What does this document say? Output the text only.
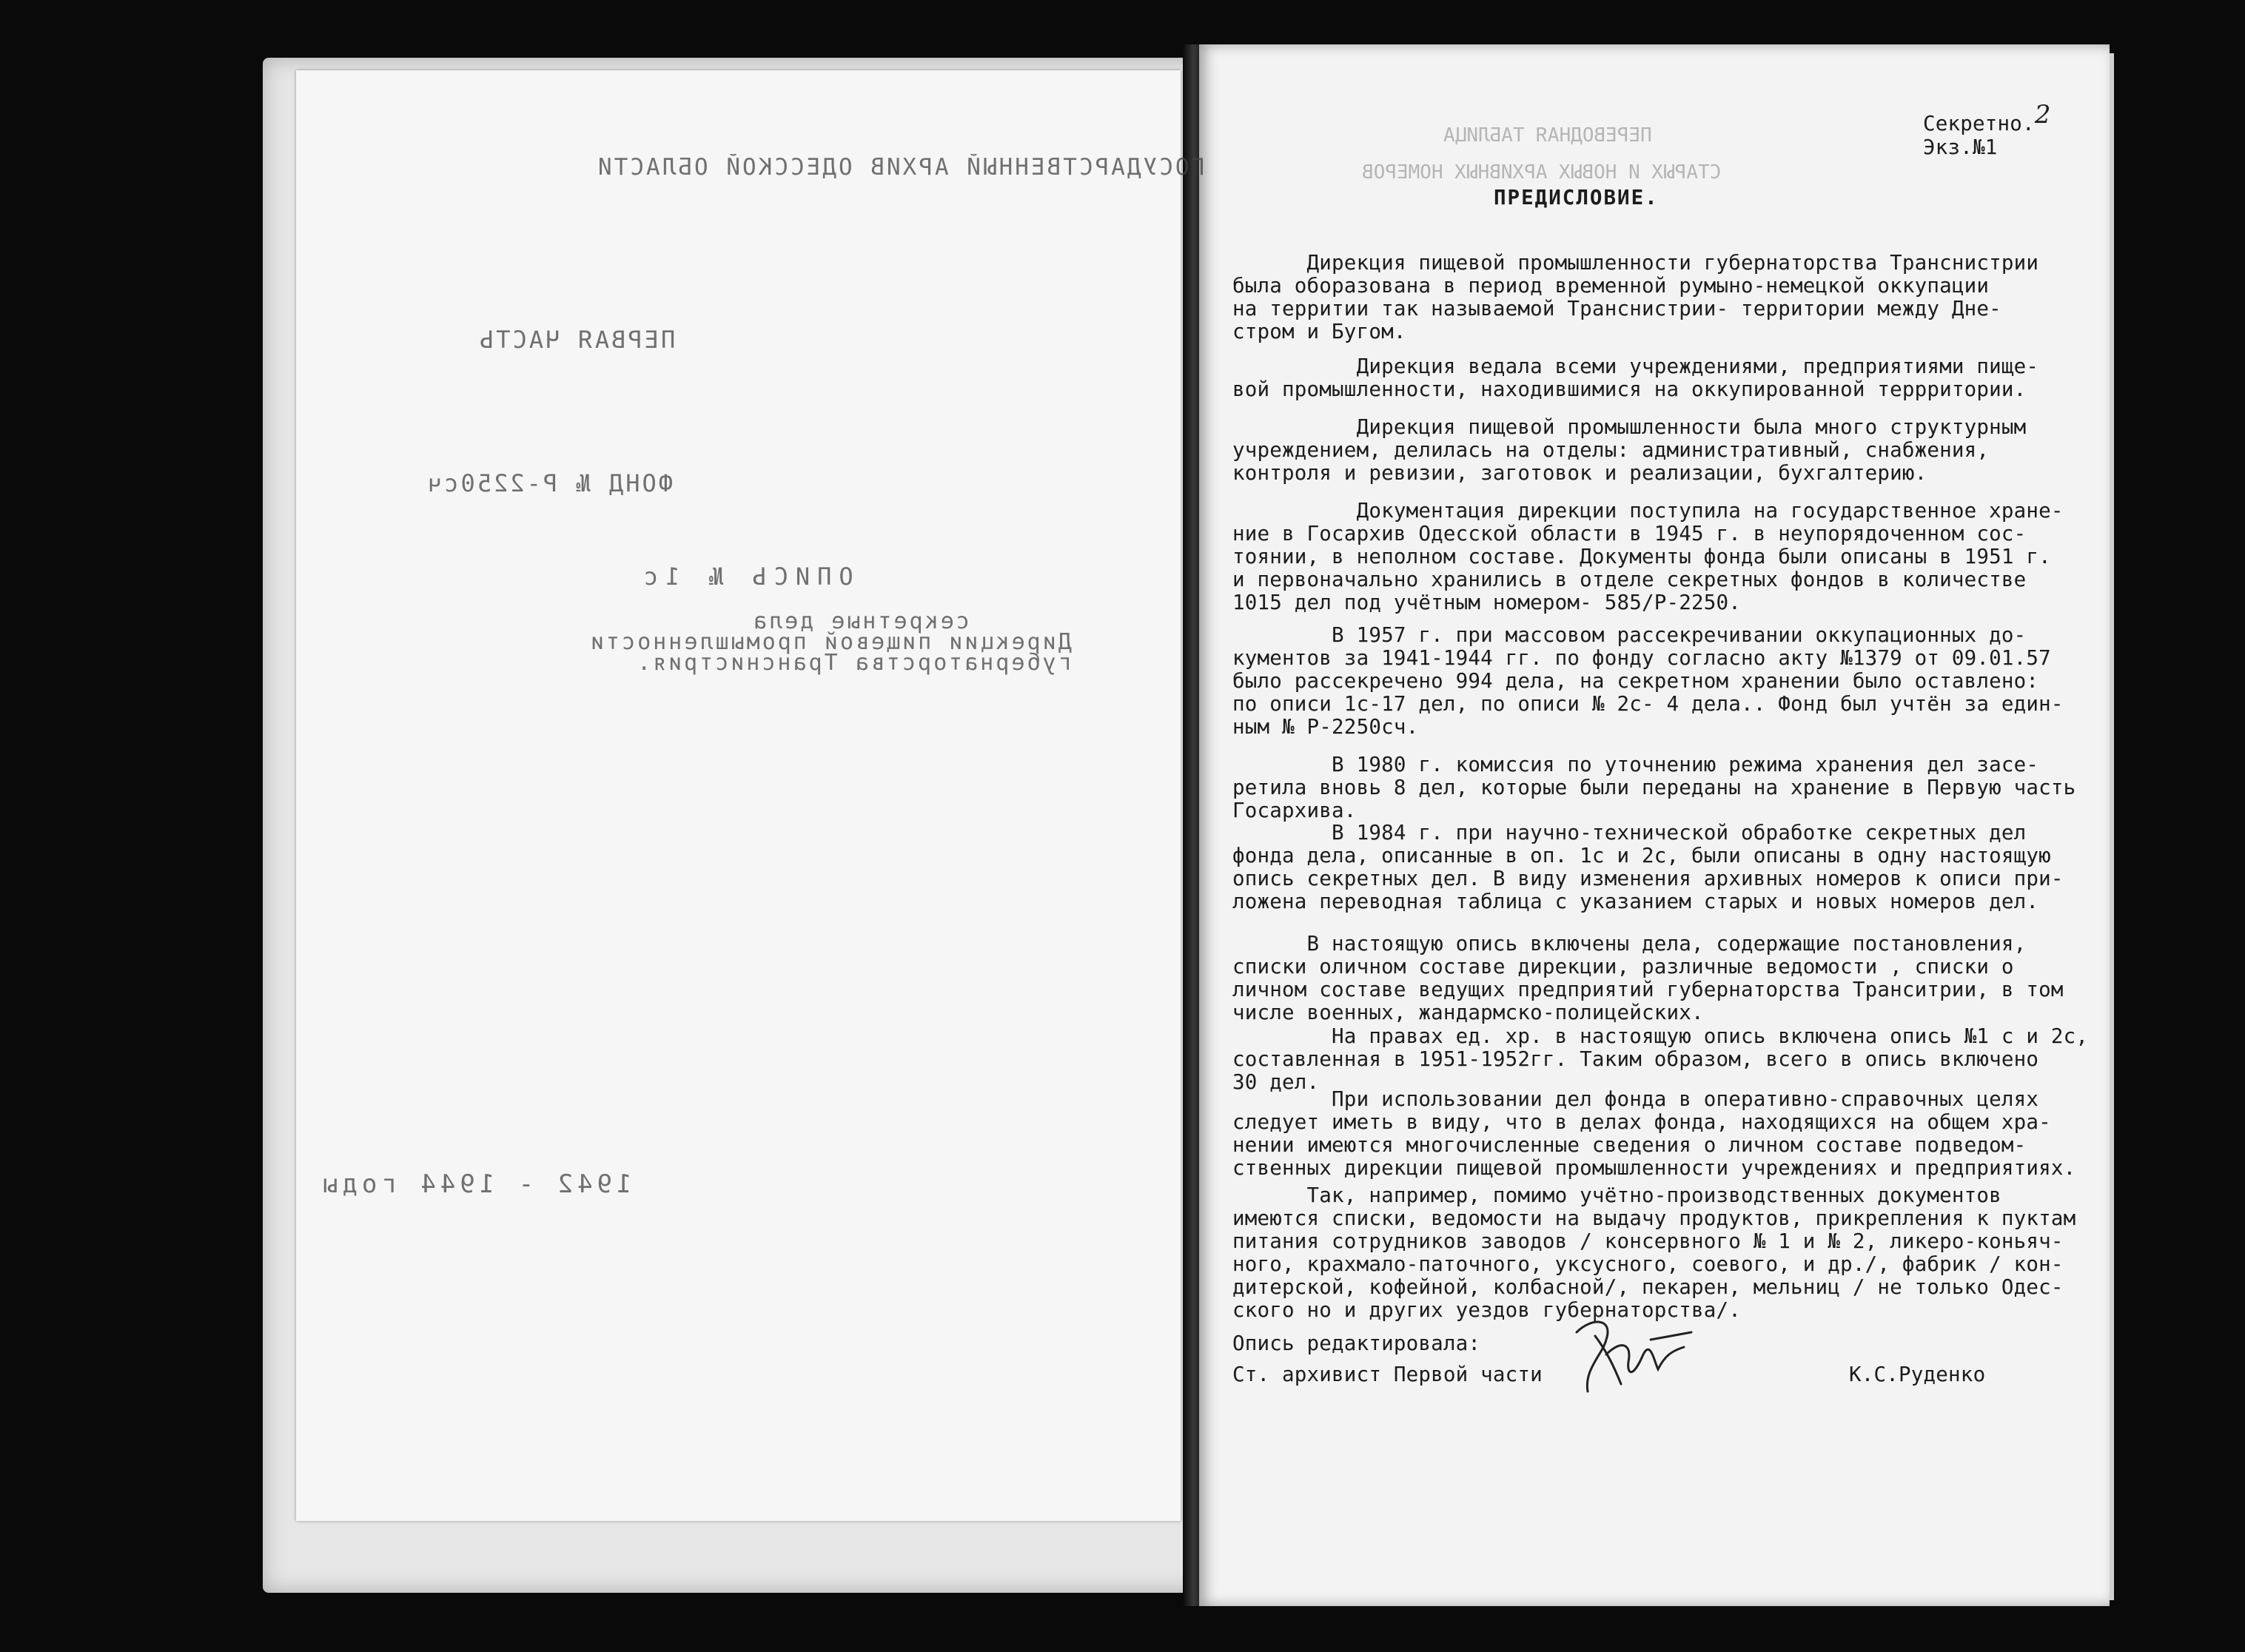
ГОСУДАРСТВЕННЫЙ АРХИВ ОДЕССКОЙ ОБЛАСТИ
ПЕРВАЯ ЧАСТЬ
ФОНД № Р-2250сч
ОПИСЬ № 1с
секретные дела
Дирекции пищевой промышленности
губернаторства Транснистрия.
1942 - 1944 годы
ПЕРЕВОДНАЯ ТАБЛИЦА
СТАРЫХ И НОВЫХ АРХИВНЫХ НОМЕРОВ
Секретно.2
Экз.№1
ПРЕДИСЛОВИЕ.
Дирекция пищевой промышленности губернаторства Транснистрии
была оборазована в период временной румыно-немецкой оккупации
на территии так называемой Транснистрии- территории между Дне-
стром и Бугом.
Дирекция ведала всеми учреждениями, предприятиями пище-
вой промышленности, находившимися на оккупированной террритории.
Дирекция пищевой промышленности была много структурным
учреждением, делилась на отделы: административный, снабжения,
контроля и ревизии, заготовок и реализации, бухгалтерию.
Документация дирекции поступила на государственное хране-
ние в Госархив Одесской области в 1945 г. в неупорядоченном сос-
тоянии, в неполном составе. Документы фонда были описаны в 1951 г.
и первоначально хранились в отделе секретных фондов в количестве
1015 дел под учётным номером- 585/Р-2250.
В 1957 г. при массовом рассекречивании оккупационных до-
кументов за 1941-1944 гг. по фонду согласно акту №1379 от 09.01.57
было рассекречено 994 дела, на секретном хранении было оставлено:
по описи 1с-17 дел, по описи № 2с- 4 дела.. Фонд был учтён за един-
ным № Р-2250сч.
В 1980 г. комиссия по уточнению режима хранения дел засе-
ретила вновь 8 дел, которые были переданы на хранение в Первую часть
Госархива.
В 1984 г. при научно-технической обработке секретных дел
фонда дела, описанные в оп. 1с и 2с, были описаны в одну настоящую
опись секретных дел. В виду изменения архивных номеров к описи при-
ложена переводная таблица с указанием старых и новых номеров дел.
В настоящую опись включены дела, содержащие постановления,
списки оличном составе дирекции, различные ведомости , списки о
личном составе ведущих предприятий губернаторства Транситрии, в том
числе военных, жандармско-полицейских.
На правах ед. хр. в настоящую опись включена опись №1 с и 2с,
составленная в 1951-1952гг. Таким образом, всего в опись включено
30 дел.
При использовании дел фонда в оперативно-справочных целях
следует иметь в виду, что в делах фонда, находящихся на общем хра-
нении имеются многочисленные сведения о личном составе подведом-
ственных дирекции пищевой промышленности учреждениях и предприятиях.
Так, например, помимо учётно-производственных документов
имеются списки, ведомости на выдачу продуктов, прикрепления к пуктам
питания сотрудников заводов / консервного № 1 и № 2, ликеро-коньяч-
ного, крахмало-паточного, уксусного, соевого, и др./, фабрик / кон-
дитерской, кофейной, колбасной/, пекарен, мельниц / не только Одес-
ского но и других уездов губернаторства/.
Опись редактировала:
Ст. архивист Первой части	К.С.Руденко
